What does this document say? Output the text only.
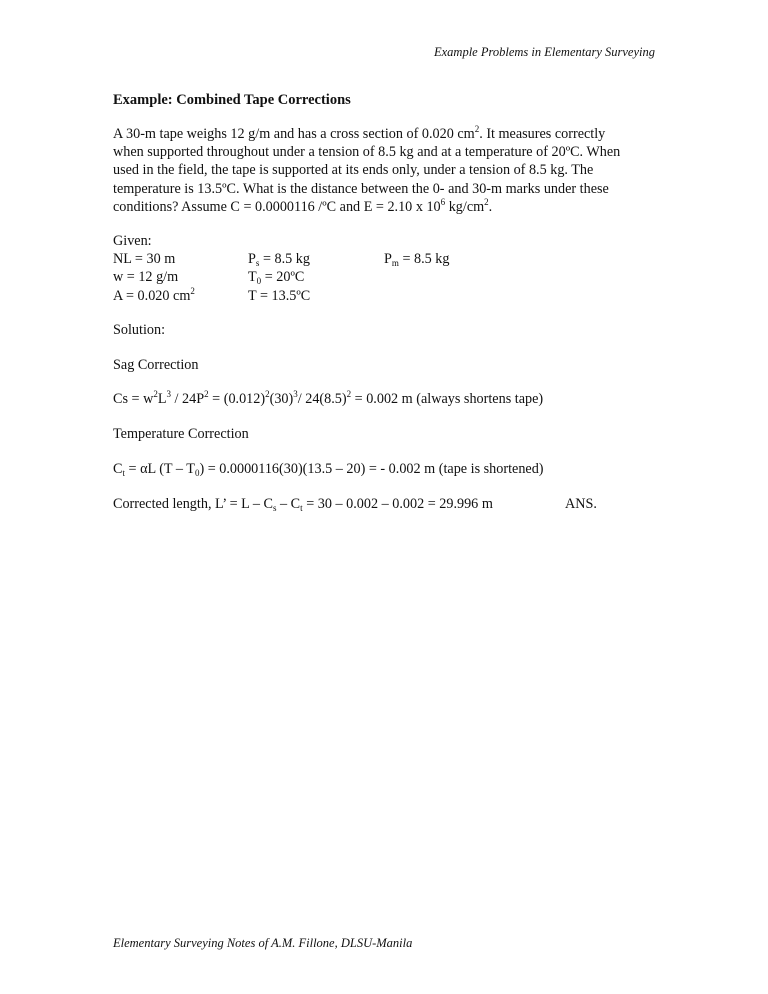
Example Problems in Elementary Surveying
Example: Combined Tape Corrections
A 30-m tape weighs 12 g/m and has a cross section of 0.020 $cm^2$. It measures correctly
when supported throughout under a tension of 8.5 kg and at a temperature of 20ºC. When
used in the field, the tape is supported at its ends only, under a tension of 8.5 kg. The
temperature is 13.5ºC. What is the distance between the 0- and 30-m marks under these
conditions? Assume C = 0.0000116 /ºC and E = 2.10 x $10^6$ $kg/cm^2$.
Given:
NL = 30 m	$P_s = 8.5$ kg	$P_m = 8.5$ kg
w = 12 g/m	$T_0$ = 20ºC
A = 0.020 $cm^2$	T = 13.5ºC
Solution:
Sag Correction
$Cs = w^2L^3 / 24P^2 = (0.012)^2(30)^3/$ $24(8.5)^2 = 0.002$ m (always shortens tape)
Temperature Correction
$C_t = \alpha L$ $(T - T_0) = 0.0000116(30)(13.5 - 20)$ = - 0.002 m (tape is shortened)
Corrected length, L’ = $L - C_s - C_t = 30 - 0.002 - 0.002 = 29.996$ m	ANS.
Elementary Surveying Notes of A.M. Fillone, DLSU-Manila
